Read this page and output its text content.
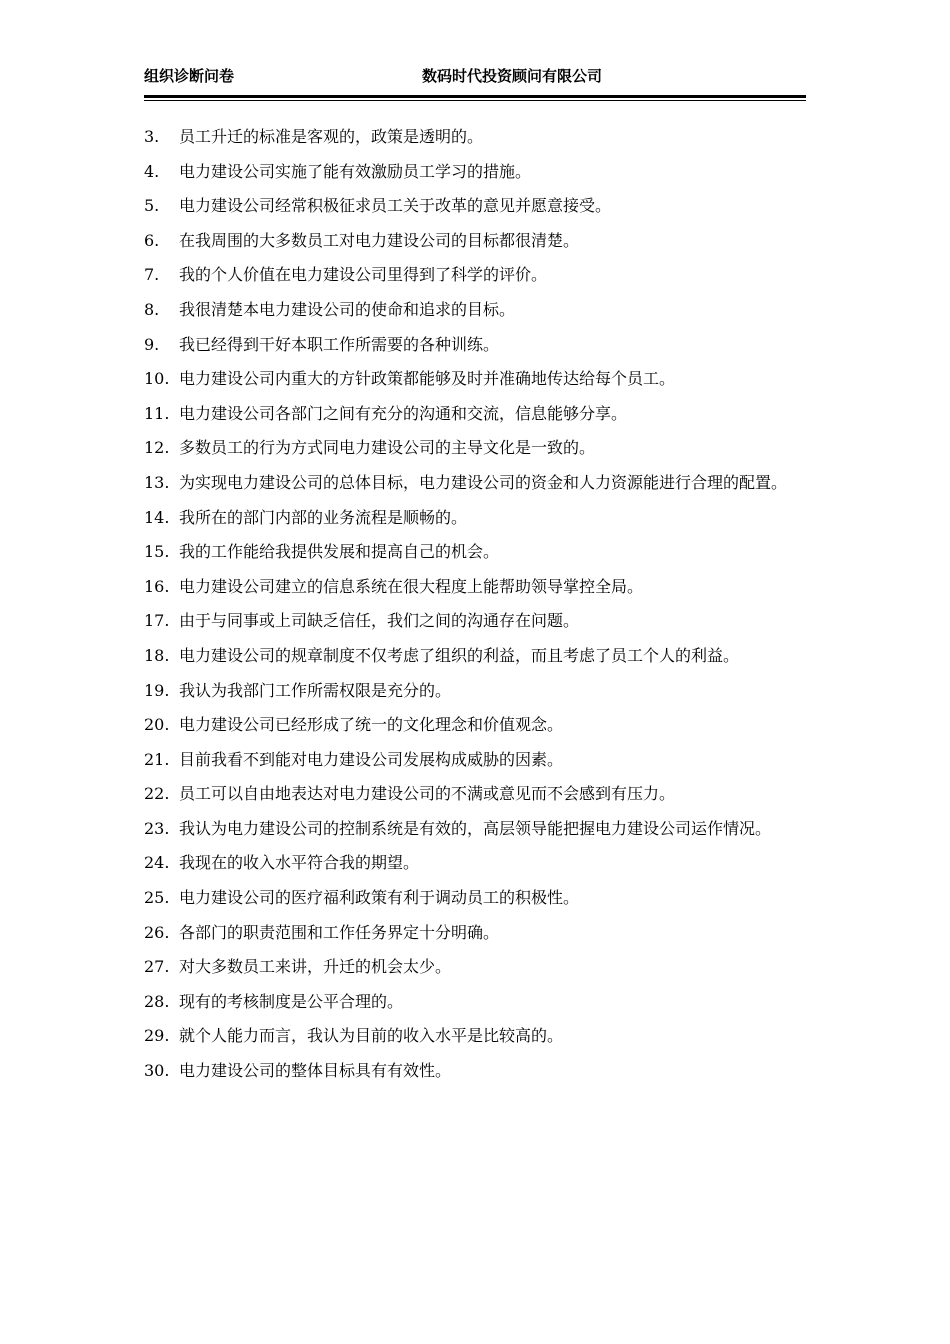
组织诊断问卷	数码时代投资顾问有限公司
3. 员工升迁的标准是客观的，政策是透明的。
4. 电力建设公司实施了能有效激励员工学习的措施。
5. 电力建设公司经常积极征求员工关于改革的意见并愿意接受。
6. 在我周围的大多数员工对电力建设公司的目标都很清楚。
7. 我的个人价值在电力建设公司里得到了科学的评价。
8. 我很清楚本电力建设公司的使命和追求的目标。
9. 我已经得到干好本职工作所需要的各种训练。
10. 电力建设公司内重大的方针政策都能够及时并准确地传达给每个员工。
11. 电力建设公司各部门之间有充分的沟通和交流，信息能够分享。
12. 多数员工的行为方式同电力建设公司的主导文化是一致的。
13. 为实现电力建设公司的总体目标，电力建设公司的资金和人力资源能进行合理的配置。
14. 我所在的部门内部的业务流程是顺畅的。
15. 我的工作能给我提供发展和提高自己的机会。
16. 电力建设公司建立的信息系统在很大程度上能帮助领导掌控全局。
17. 由于与同事或上司缺乏信任，我们之间的沟通存在问题。
18. 电力建设公司的规章制度不仅考虑了组织的利益，而且考虑了员工个人的利益。
19. 我认为我部门工作所需权限是充分的。
20. 电力建设公司已经形成了统一的文化理念和价值观念。
21. 目前我看不到能对电力建设公司发展构成威胁的因素。
22. 员工可以自由地表达对电力建设公司的不满或意见而不会感到有压力。
23. 我认为电力建设公司的控制系统是有效的，高层领导能把握电力建设公司运作情况。
24. 我现在的收入水平符合我的期望。
25. 电力建设公司的医疗福利政策有利于调动员工的积极性。
26. 各部门的职责范围和工作任务界定十分明确。
27. 对大多数员工来讲，升迁的机会太少。
28. 现有的考核制度是公平合理的。
29. 就个人能力而言，我认为目前的收入水平是比较高的。
30. 电力建设公司的整体目标具有有效性。
